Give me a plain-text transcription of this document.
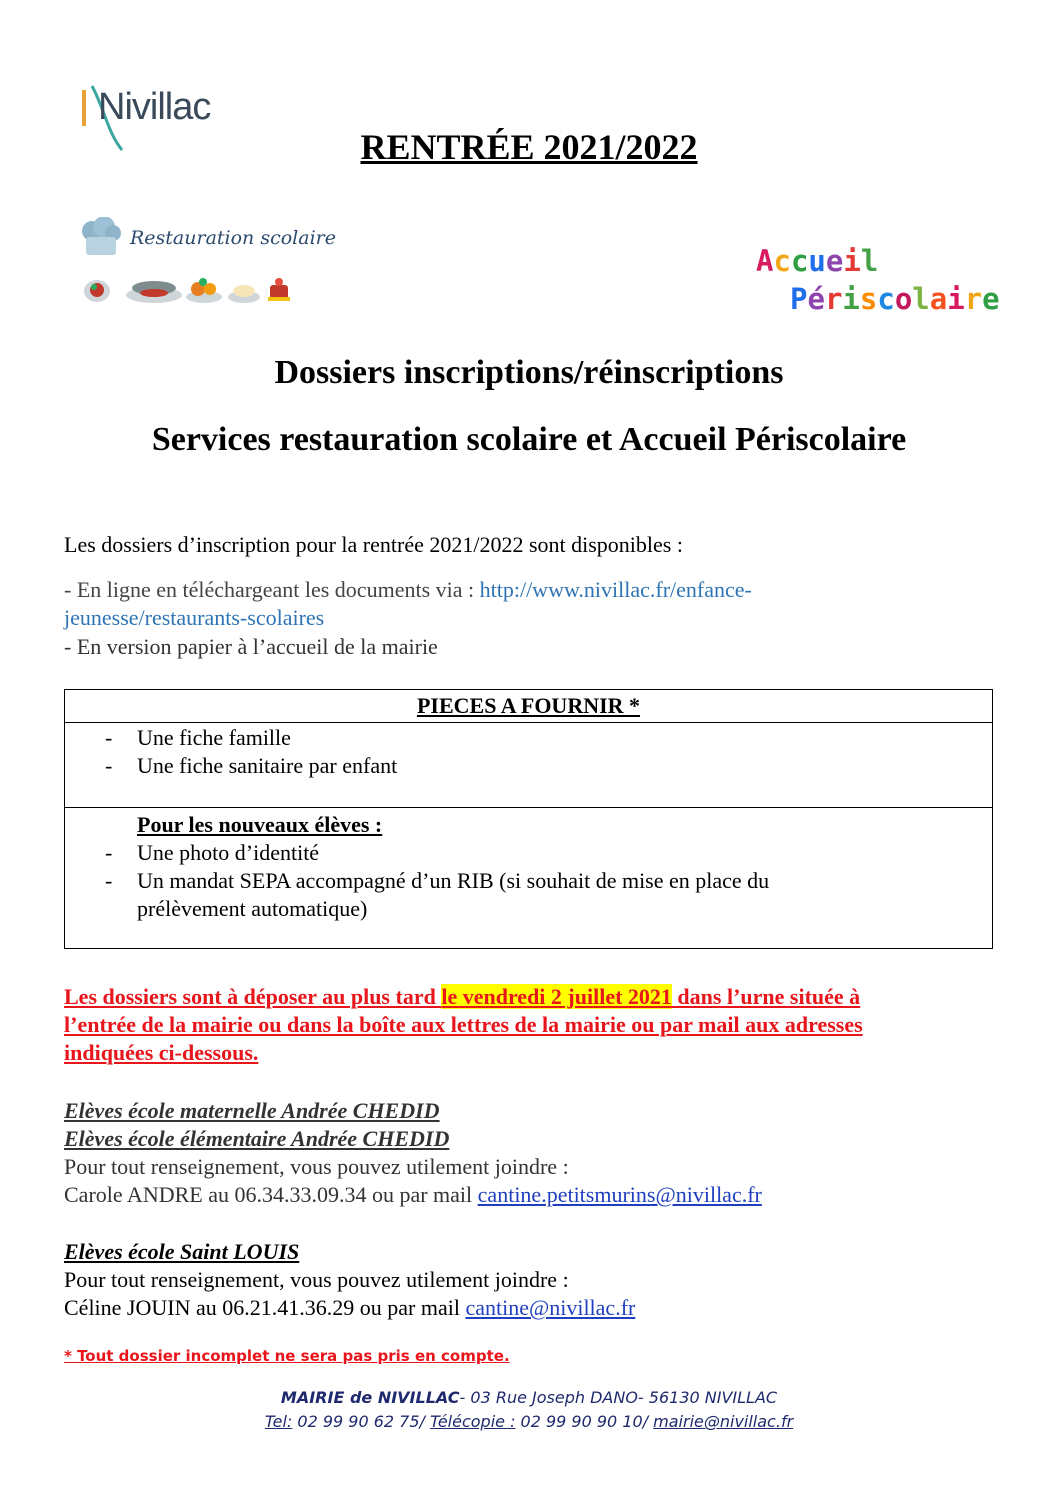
Nivillac
RENTRÉE 2021/2022
Restauration scolaire
Accueil
Périscolaire
Dossiers inscriptions/réinscriptions
Services restauration scolaire et Accueil Périscolaire
Les dossiers d’inscription pour la rentrée 2021/2022 sont disponibles :
- En ligne en téléchargeant les documents via : http://www.nivillac.fr/enfance-
jeunesse/restaurants-scolaires
- En version papier à l’accueil de la mairie
PIECES A FOURNIR *
- Une fiche famille
- Une fiche sanitaire par enfant
Pour les nouveaux élèves :
- Une photo d’identité
- Un mandat SEPA accompagné d’un RIB (si souhait de mise en place du
prélèvement automatique)
Les dossiers sont à déposer au plus tard le vendredi 2 juillet 2021 dans l’urne située à
l’entrée de la mairie ou dans la boîte aux lettres de la mairie ou par mail aux adresses
indiquées ci-dessous.
Elèves école maternelle Andrée CHEDID
Elèves école élémentaire Andrée CHEDID
Pour tout renseignement, vous pouvez utilement joindre :
Carole ANDRE au 06.34.33.09.34 ou par mail cantine.petitsmurins@nivillac.fr
Elèves école Saint LOUIS
Pour tout renseignement, vous pouvez utilement joindre :
Céline JOUIN au 06.21.41.36.29 ou par mail cantine@nivillac.fr
* Tout dossier incomplet ne sera pas pris en compte.
MAIRIE de NIVILLAC- 03 Rue Joseph DANO- 56130 NIVILLAC
Tel: 02 99 90 62 75/ Télécopie : 02 99 90 90 10/ mairie@nivillac.fr
